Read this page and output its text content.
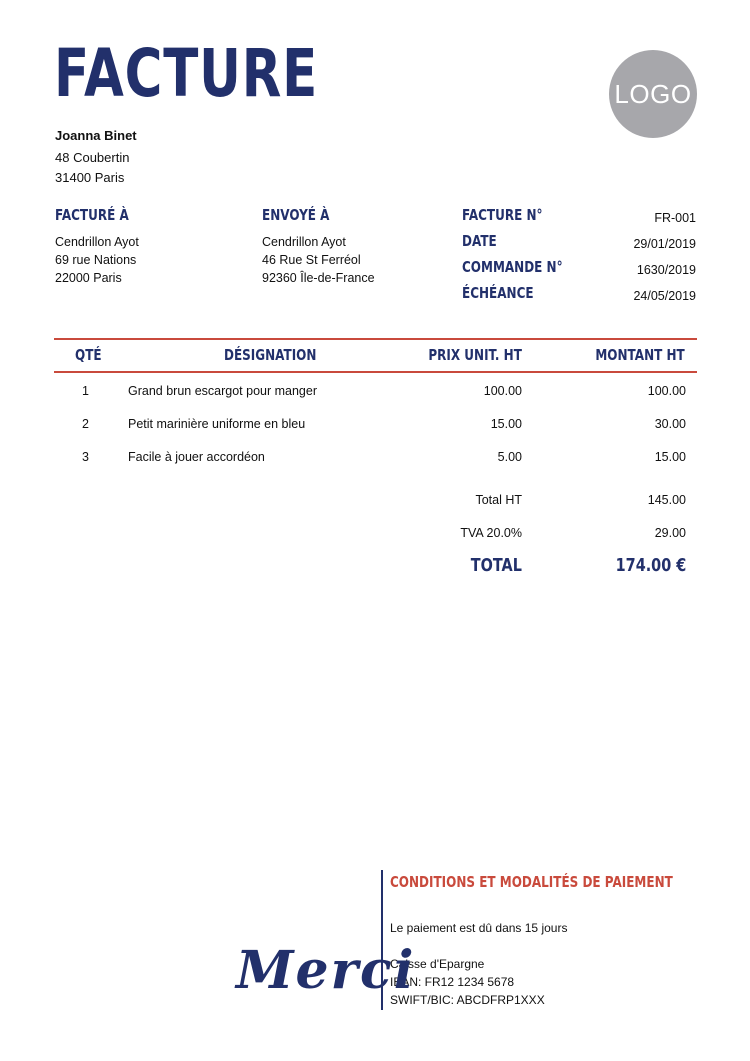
FACTURE	LOGO
Joanna Binet
48 Coubertin
31400 Paris
FACTURÉ À
Cendrillon Ayot
69 rue Nations
22000 Paris
ENVOYÉ À
Cendrillon Ayot
46 Rue St Ferréol
92360 Île-de-France
FACTURE N°	FR-001
DATE	29/01/2019
COMMANDE N°	1630/2019
ÉCHÉANCE	24/05/2019
QTÉ	DÉSIGNATION	PRIX UNIT. HT	MONTANT HT
1	Grand brun escargot pour manger	100.00	100.00
2	Petit marinière uniforme en bleu	15.00	30.00
3	Facile à jouer accordéon	5.00	15.00
Total HT	145.00
TVA 20.0%	29.00
TOTAL	174.00 €
CONDITIONS ET MODALITÉS DE PAIEMENT
Le paiement est dû dans 15 jours
Caisse d'Epargne
IBAN: FR12 1234 5678
SWIFT/BIC: ABCDFRP1XXX
Merci
